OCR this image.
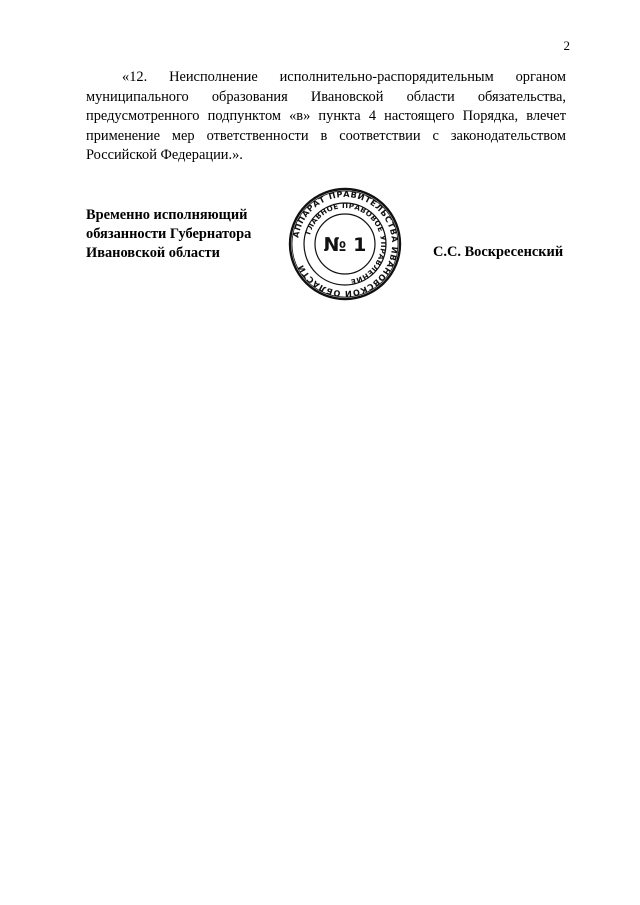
2

«12. Неисполнение исполнительно-распорядительным органом
муниципального образования Ивановской области обязательства,
предусмотренного подпунктом «в» пункта 4 настоящего Порядка, влечет
применение мер ответственности в соответствии с законодательством
Российской Федерации.».

Временно исполняющий
обязанности Губернатора
Ивановской области
АППАРАТ ПРАВИТЕЛЬСТВА ИВАНОВСКОЙ ОБЛАСТИ
ГЛАВНОЕ ПРАВОВОЕ УПРАВЛЕНИЕ
№ 1	С.С. Воскресенский
